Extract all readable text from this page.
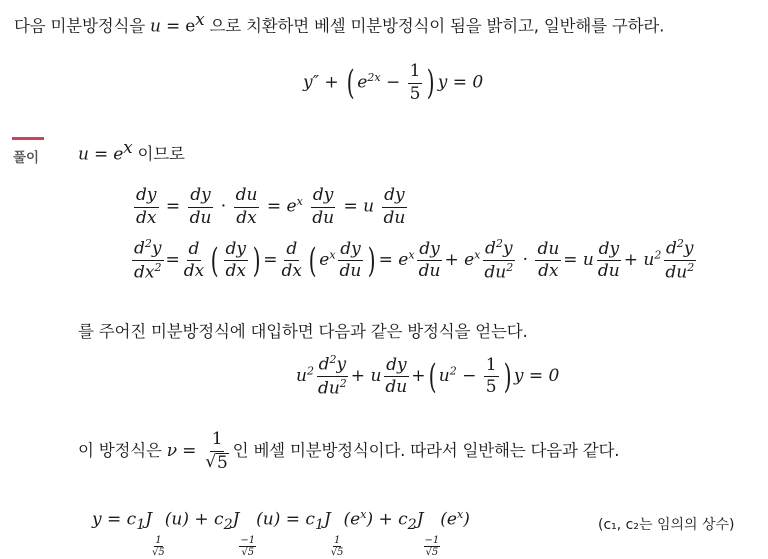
다음 미분방정식을 $u = e^x$ 으로 치환하면 베셀 미분방정식이 됨을 밝히고, 일반해를 구하라.
y″ + ( $e^{2x} - \frac{1}{5}$ ) y = 0
풀이 $u = e^x$ 이므로
$\frac{dy}{dx} = \frac{dy}{du} \cdot \frac{du}{dx} = e^x \frac{dy}{du} = u \frac{dy}{du}$
$\frac{d^2y}{dx^2} = \frac{d}{dx}$ ( $\frac{dy}{dx}$ ) = $\frac{d}{dx}$ ( $e^x \frac{dy}{du}$ ) = $e^x \frac{dy}{du} + e^x \frac{d^2y}{du^2} \cdot \frac{du}{dx} = u \frac{dy}{du} + u^2 \frac{d^2y}{du^2}$
를 주어진 미분방정식에 대입하면 다음과 같은 방정식을 얻는다.
$u^2 \frac{d^2y}{du^2} + u \frac{dy}{du}$ +( $u^2 - \frac{1}{5}$ ) y = 0
이 방정식은 $\nu = \frac{1}{√ 5}$ 인 베셀 미분방정식이다. 따라서 일반해는 다음과 같다.
$y = c_1J$
$\frac{1}{√5}$
$(u) + c_2J$
$\frac{-1}{√5}$
$(u) = c_1J$
$\frac{1}{√5}$
$(e^x) + c_2J$
$\frac{-1}{√5}$
$(e^x)$	(c₁, c₂는 임의의 상수)
